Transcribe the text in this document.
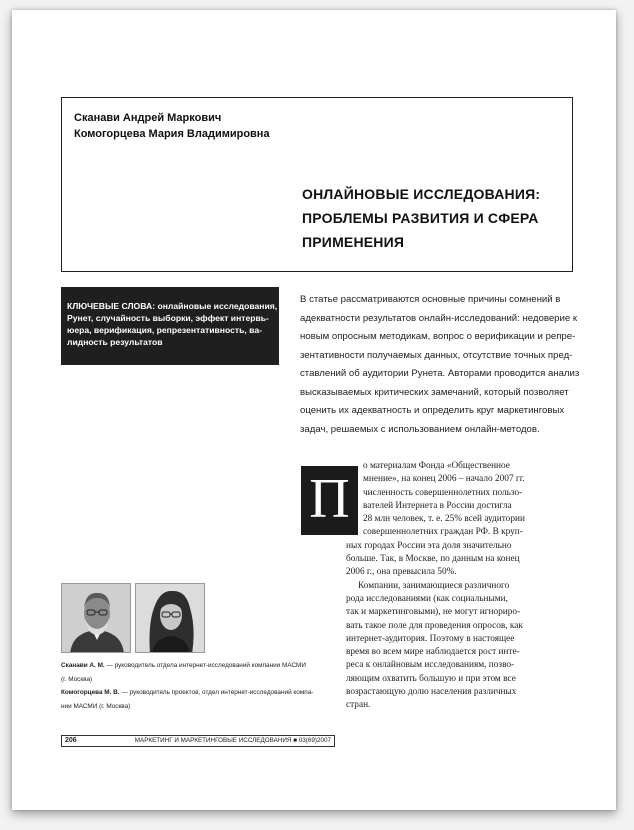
Сканави Андрей Маркович
Комогорцева Мария Владимировна
ОНЛАЙНОВЫЕ ИССЛЕДОВАНИЯ:
ПРОБЛЕМЫ РАЗВИТИЯ И СФЕРА
ПРИМЕНЕНИЯ
КЛЮЧЕВЫЕ СЛОВА: онлайновые исследования,
Рунет, случайность выборки, эффект интервь-
юера, верификация, репрезентативность, ва-
лидность результатов
В статье рассматриваются основные причины сомнений в
адекватности результатов онлайн-исследований: недоверие к
новым опросным методикам, вопрос о верификации и репре-
зентативности получаемых данных, отсутствие точных пред-
ставлений об аудитории Рунета. Авторами проводится анализ
высказываемых критических замечаний, который позволяет
оценить их адекватность и определить круг маркетинговых
задач, решаемых с использованием онлайн-методов.
П
о материалам Фонда «Общественное
мнение», на конец 2006 – начало 2007 гг.
численность совершеннолетних пользо-
вателей Интернета в России достигла
28 млн человек, т. е. 25% всей аудитории
совершеннолетних граждан РФ. В круп-
ных городах России эта доля значительно
больше. Так, в Москве, по данным на конец
2006 г., она превысила 50%.
Компании, занимающиеся различного
рода исследованиями (как социальными,
так и маркетинговыми), не могут игнориро-
вать такое поле для проведения опросов, как
интернет-аудитория. Поэтому в настоящее
время во всем мире наблюдается рост инте-
реса к онлайновым исследованиям, позво-
ляющим охватить большую и при этом все
возрастающую долю населения различных
стран.
Сканави А. М. — руководитель отдела интернет-исследований компании МАСМИ
(г. Москва)
Комогорцева М. В. — руководитель проектов, отдел интернет-исследований компа-
нии МАСМИ (г. Москва)
206	МАРКЕТИНГ И МАРКЕТИНГОВЫЕ ИССЛЕДОВАНИЯ ■ 03(69)2007
